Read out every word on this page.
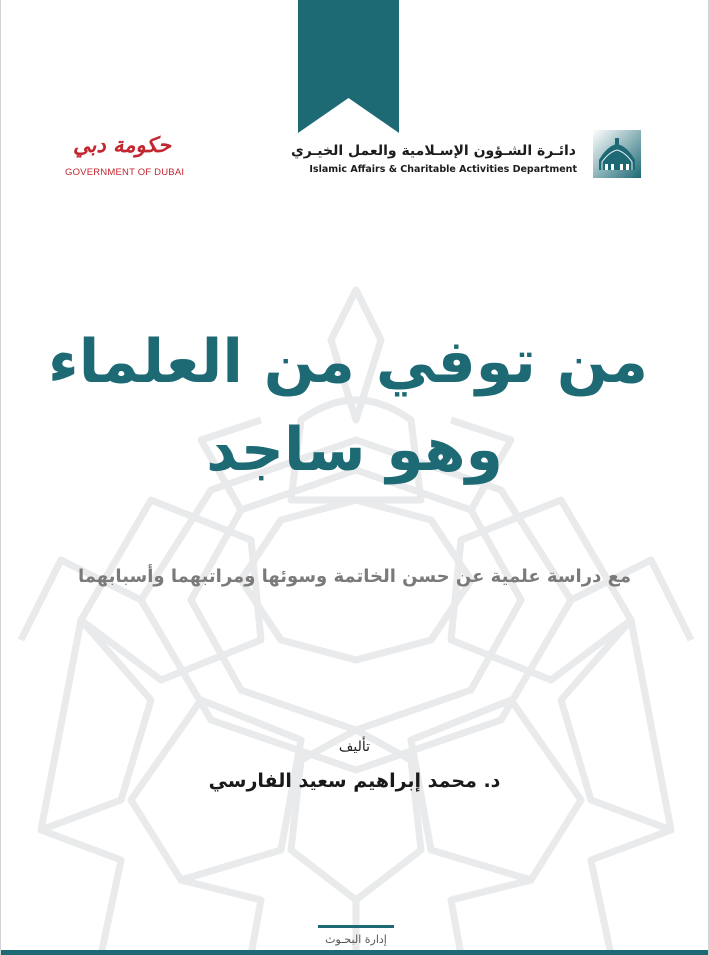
دائـرة الشـؤون الإسـلامية والعمل الخيـري
Islamic Affairs & Charitable Activities Department
حكومة دبي
GOVERNMENT OF DUBAI
من توفي من العلماء
وهو ساجد
مع دراسة علمية عن حسن الخاتمة وسوئها ومراتبهما وأسبابهما
تأليف
د. محمد إبراهيم سعيد الفارسي
إدارة البحـوث
